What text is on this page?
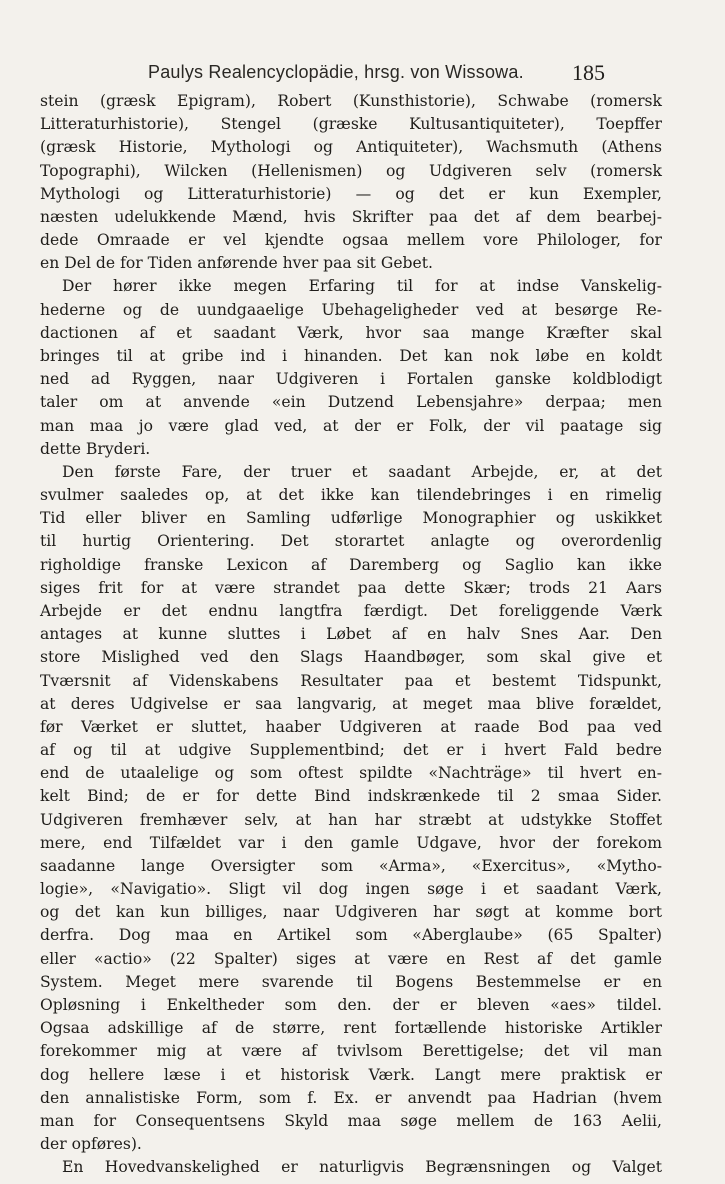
Paulys Realencyclopädie, hrsg. von Wissowa. 185
stein (græsk Epigram), Robert (Kunsthistorie), Schwabe (romersk
Litteraturhistorie), Stengel (græske Kultusantiquiteter), Toepffer
(græsk Historie, Mythologi og Antiquiteter), Wachsmuth (Athens
Topographi), Wilcken (Hellenismen) og Udgiveren selv (romersk
Mythologi og Litteraturhistorie) — og det er kun Exempler,
næsten udelukkende Mænd, hvis Skrifter paa det af dem bearbej-
dede Omraade er vel kjendte ogsaa mellem vore Philologer, for
en Del de for Tiden anførende hver paa sit Gebet.
Der hører ikke megen Erfaring til for at indse Vanskelig-
hederne og de uundgaaelige Ubehageligheder ved at besørge Re-
dactionen af et saadant Værk, hvor saa mange Kræfter skal
bringes til at gribe ind i hinanden. Det kan nok løbe en koldt
ned ad Ryggen, naar Udgiveren i Fortalen ganske koldblodigt
taler om at anvende «ein Dutzend Lebensjahre» derpaa; men
man maa jo være glad ved, at der er Folk, der vil paatage sig
dette Bryderi.
Den første Fare, der truer et saadant Arbejde, er, at det
svulmer saaledes op, at det ikke kan tilendebringes i en rimelig
Tid eller bliver en Samling udførlige Monographier og uskikket
til hurtig Orientering. Det storartet anlagte og overordenlig
righoldige franske Lexicon af Daremberg og Saglio kan ikke
siges frit for at være strandet paa dette Skær; trods 21 Aars
Arbejde er det endnu langtfra færdigt. Det foreliggende Værk
antages at kunne sluttes i Løbet af en halv Snes Aar. Den
store Mislighed ved den Slags Haandbøger, som skal give et
Tværsnit af Videnskabens Resultater paa et bestemt Tidspunkt,
at deres Udgivelse er saa langvarig, at meget maa blive forældet,
før Værket er sluttet, haaber Udgiveren at raade Bod paa ved
af og til at udgive Supplementbind; det er i hvert Fald bedre
end de utaalelige og som oftest spildte «Nachträge» til hvert en-
kelt Bind; de er for dette Bind indskrænkede til 2 smaa Sider.
Udgiveren fremhæver selv, at han har stræbt at udstykke Stoffet
mere, end Tilfældet var i den gamle Udgave, hvor der forekom
saadanne lange Oversigter som «Arma», «Exercitus», «Mytho-
logie», «Navigatio». Sligt vil dog ingen søge i et saadant Værk,
og det kan kun billiges, naar Udgiveren har søgt at komme bort
derfra. Dog maa en Artikel som «Aberglaube» (65 Spalter)
eller «actio» (22 Spalter) siges at være en Rest af det gamle
System. Meget mere svarende til Bogens Bestemmelse er en
Opløsning i Enkeltheder som den. der er bleven «aes» tildel.
Ogsaa adskillige af de større, rent fortællende historiske Artikler
forekommer mig at være af tvivlsom Berettigelse; det vil man
dog hellere læse i et historisk Værk. Langt mere praktisk er
den annalistiske Form, som f. Ex. er anvendt paa Hadrian (hvem
man for Consequentsens Skyld maa søge mellem de 163 Aelii,
der opføres).
En Hovedvanskelighed er naturligvis Begrænsningen og Valget
